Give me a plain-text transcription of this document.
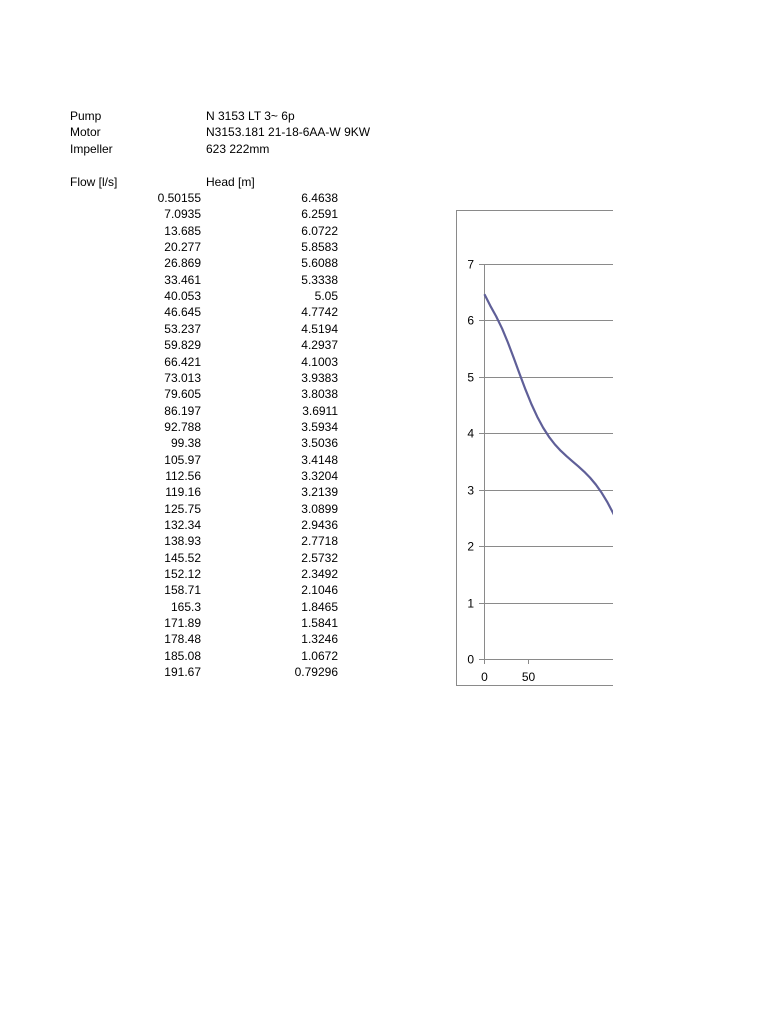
Pump	N 3153 LT 3~ 6p
Motor	N3153.181 21-18-6AA-W 9KW
Impeller	623 222mm
Flow [l/s]	Head [m]
0.50155	6.4638
7.0935	6.2591
13.685	6.0722
20.277	5.8583
26.869	5.6088
33.461	5.3338
40.053	5.05
46.645	4.7742
53.237	4.5194
59.829	4.2937
66.421	4.1003
73.013	3.9383
79.605	3.8038
86.197	3.6911
92.788	3.5934
99.38	3.5036
105.97	3.4148
112.56	3.3204
119.16	3.2139
125.75	3.0899
132.34	2.9436
138.93	2.7718
145.52	2.5732
152.12	2.3492
158.71	2.1046
165.3	1.8465
171.89	1.5841
178.48	1.3246
185.08	1.0672
191.67	0.79296
0
1
2
3
4
5
6
7
0	50
